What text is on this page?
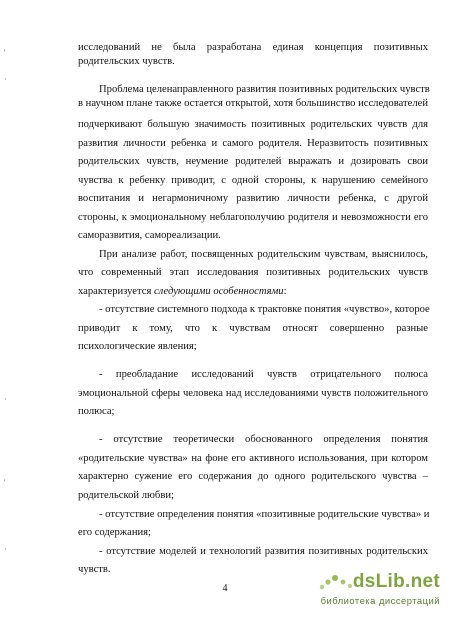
исследований не была разработана единая концепция позитивных
родительских чувств.
Проблема целенаправленного развития позитивных родительских чувств
в научном плане также остается открытой, хотя большинство исследователей
подчеркивают большую значимость позитивных родительских чувств для
развития личности ребенка и самого родителя. Неразвитость позитивных
родительских чувств, неумение родителей выражать и дозировать свои
чувства к ребенку приводит, с одной стороны, к нарушению семейного
воспитания и негармоничному развитию личности ребенка, с другой
стороны, к эмоциональному неблагополучию родителя и невозможности его
саморазвития, самореализации.
При анализе работ, посвященных родительским чувствам, выяснилось,
что современный этап исследования позитивных родительских чувств
характеризуется следующими особенностями:
- отсутствие системного подхода к трактовке понятия «чувство», которое
приводит к тому, что к чувствам относят совершенно разные
психологические явления;
- преобладание исследований чувств отрицательного полюса
эмоциональной сферы человека над исследованиями чувств положительного
полюса;
- отсутствие теоретически обоснованного определения понятия
«родительские чувства» на фоне его активного использования, при котором
характерно сужение его содержания до одного родительского чувства –
родительской любви;
- отсутствие определения понятия «позитивные родительские чувства» и
его содержания;
- отсутствие моделей и технологий развития позитивных родительских
чувств.
4
'
·
·
'
·
dsLib.net
библиотека диссертаций
